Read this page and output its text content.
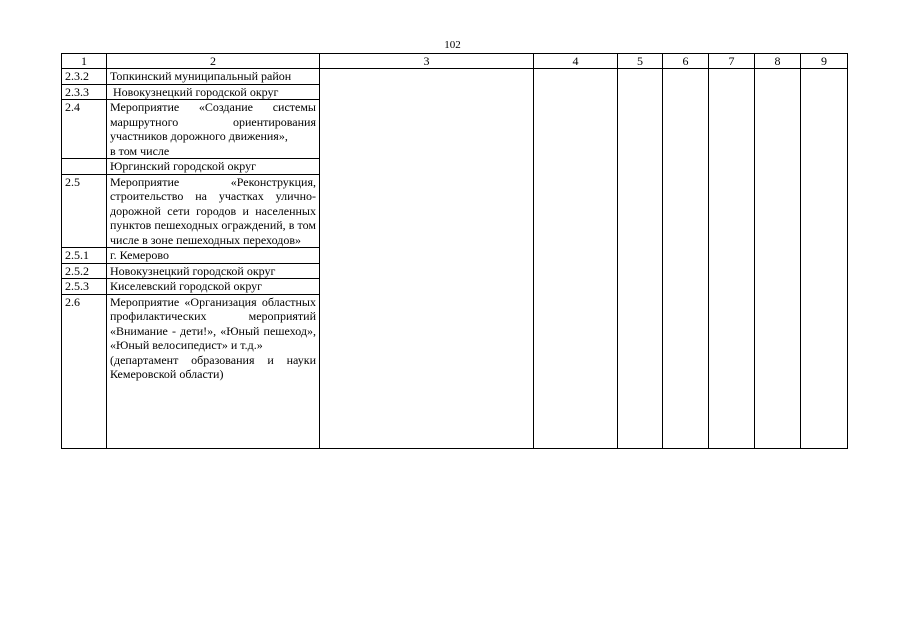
102
1	2	3	4	5	6	7	8	9
2.3.2	Топкинский муниципальный район							
2.3.3	Новокузнецкий городской округ							
2.4	Мероприятие «Создание системы маршрутного ориентирования участников дорожного движения»,
в том числе							

	Юргинский городской округ							
2.5	Мероприятие «Реконструкция, строительство на участках улично-дорожной сети городов и населенных пунктов пешеходных ограждений, в том числе в зоне пешеходных переходов»							
2.5.1	г. Кемерово							
2.5.2	Новокузнецкий городской округ							
2.5.3	Киселевский городской округ							
2.6	Мероприятие «Организация областных профилактических мероприятий «Внимание - дети!», «Юный пешеход», «Юный велосипедист» и т.д.»
(департамент образования и науки Кемеровской области)							
